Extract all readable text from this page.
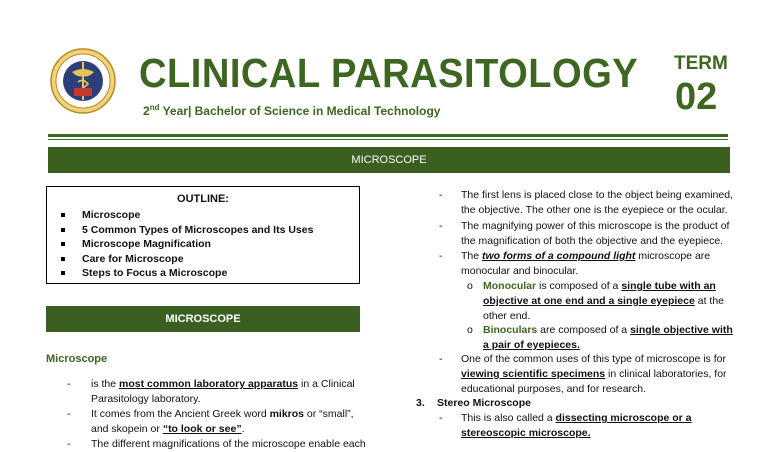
CLINICAL PARASITOLOGY
2nd Year| Bachelor of Science in Medical Technology
TERM
02
MICROSCOPE
OUTLINE:
Microscope
5 Common Types of Microscopes and Its Uses
Microscope Magnification
Care for Microscope
Steps to Focus a Microscope
MICROSCOPE
Microscope
-	is the most common laboratory apparatus in a Clinical
Parasitology laboratory.
-	It comes from the Ancient Greek word mikros or “small”,
and skopein or “to look or see”.
-	The different magnifications of the microscope enable each
-	The first lens is placed close to the object being examined,
the objective. The other one is the eyepiece or the ocular.
-	The magnifying power of this microscope is the product of
the magnification of both the objective and the eyepiece.
-	The two forms of a compound light microscope are
monocular and binocular.
o Monocular is composed of a single tube with an
objective at one end and a single eyepiece at the
other end.
o Binoculars are composed of a single objective with
a pair of eyepieces.
-	One of the common uses of this type of microscope is for
viewing scientific specimens in clinical laboratories, for
educational purposes, and for research.
3. Stereo Microscope
-	This is also called a dissecting microscope or a
stereoscopic microscope.
